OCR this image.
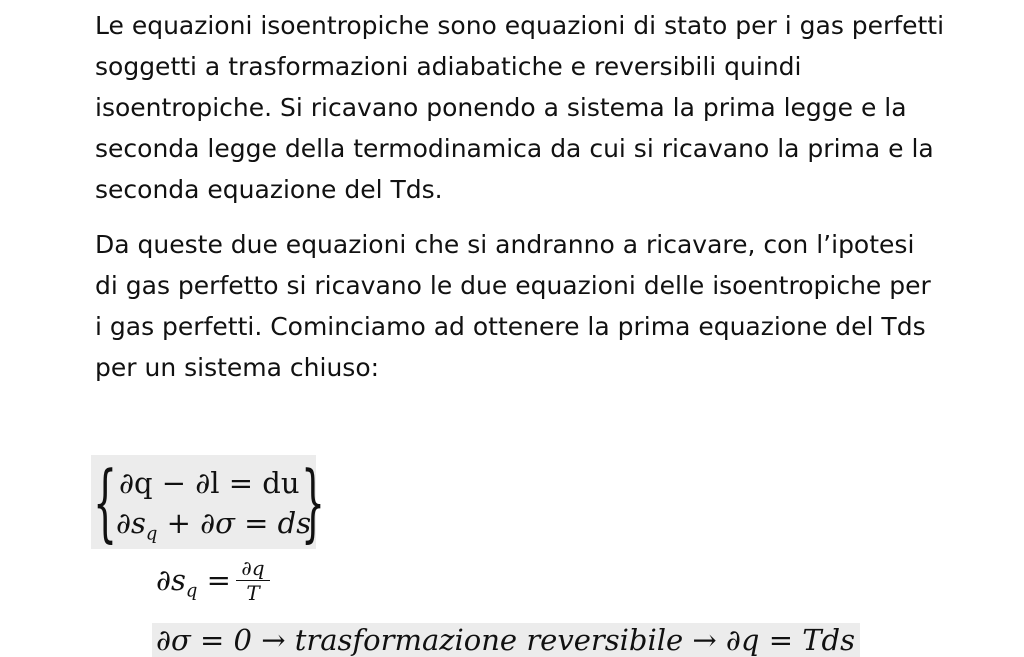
Le equazioni isoentropiche sono equazioni di stato per i gas perfetti soggetti a trasformazioni adiabatiche e reversibili quindi isoentropiche. Si ricavano ponendo a sistema la prima legge e la seconda legge della termodinamica da cui si ricavano la prima e la seconda equazione del Tds.

Da queste due equazioni che si andranno a ricavare, con l’ipotesi di gas perfetto si ricavano le due equazioni delle isoentropiche per i gas perfetti. Cominciamo ad ottenere la prima equazione del Tds per un sistema chiuso:

{ ∂q − ∂l = du
$\partial s_q + \partial\sigma$ = ds
}
$\partial s_q = \partial q$
T
∂σ = 0 → trasformazione reversibile → ∂q = Tds
